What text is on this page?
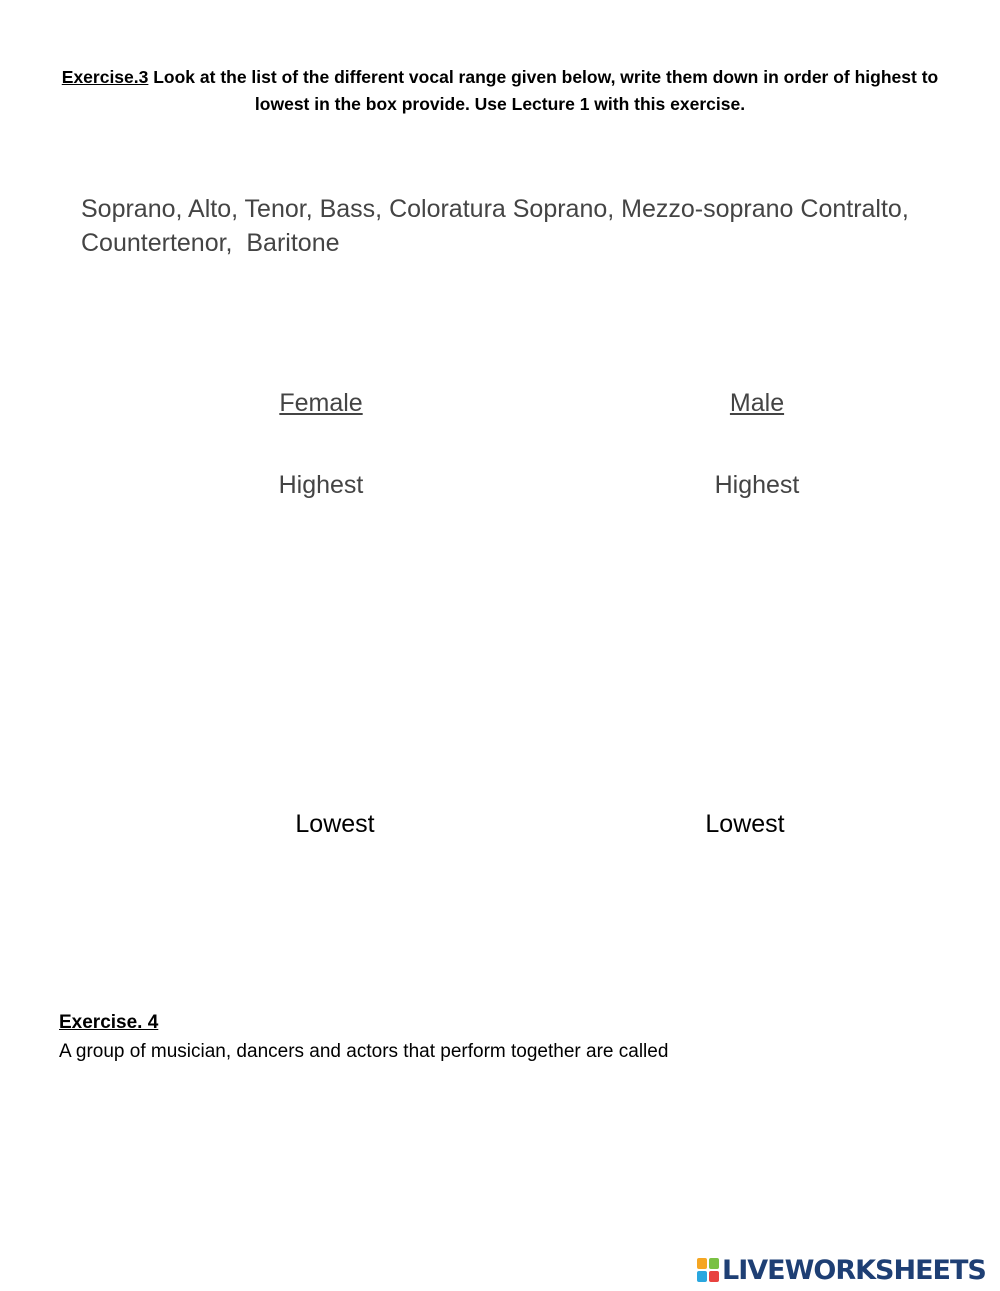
Exercise.3 Look at the list of the different vocal range given below, write them down in order of highest to lowest in the box provide. Use Lecture 1 with this exercise.
Soprano, Alto, Tenor, Bass, Coloratura Soprano, Mezzo-soprano Contralto,
Countertenor,  Baritone
Female	Male
Highest	Highest
Lowest	Lowest
Exercise. 4
A group of musician, dancers and actors that perform together are called
LIVEWORKSHEETS
